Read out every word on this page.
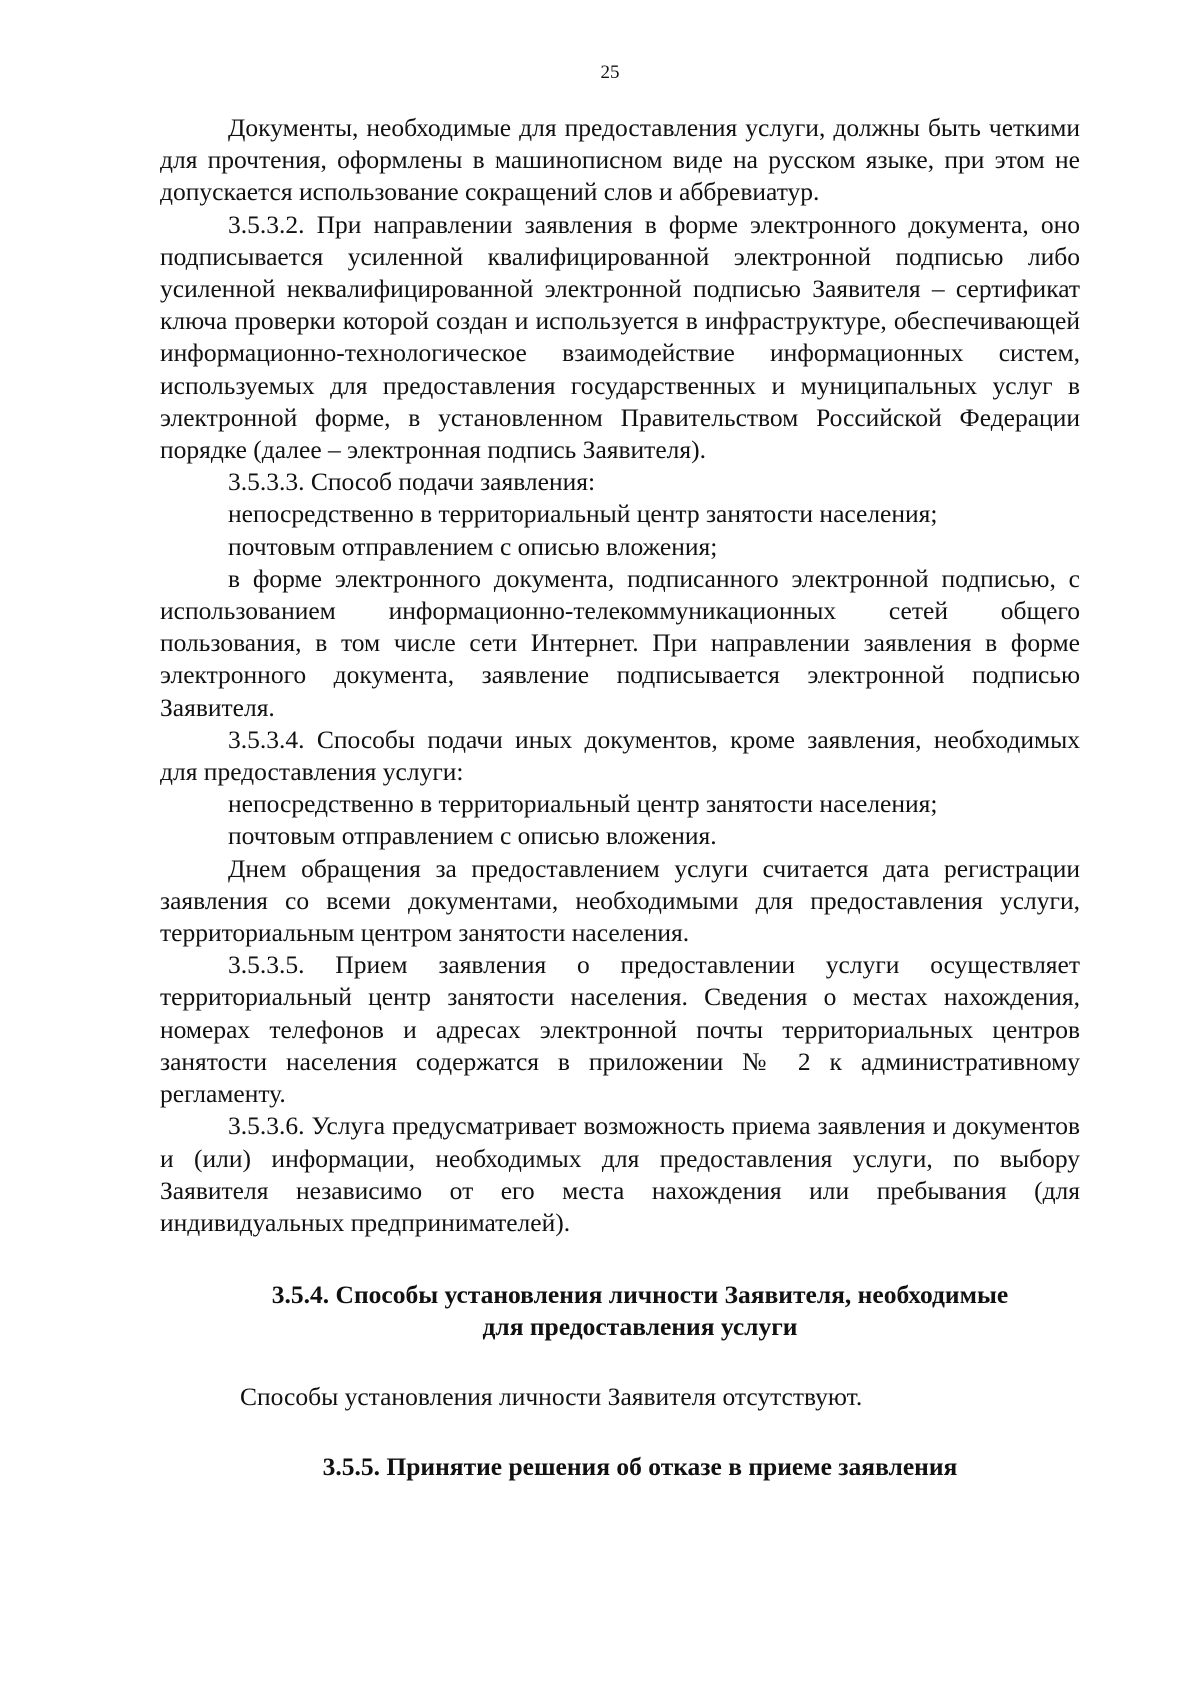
25

Документы, необходимые для предоставления услуги, должны быть четкими для прочтения, оформлены в машинописном виде на русском языке, при этом не допускается использование сокращений слов и аббревиатур.

3.5.3.2. При направлении заявления в форме электронного документа, оно подписывается усиленной квалифицированной электронной подписью либо усиленной неквалифицированной электронной подписью Заявителя – сертификат ключа проверки которой создан и используется в инфраструктуре, обеспечивающей информационно-технологическое взаимодействие информационных систем, используемых для предоставления государственных и муниципальных услуг в электронной форме, в установленном Правительством Российской Федерации порядке (далее – электронная подпись Заявителя).

3.5.3.3. Способ подачи заявления:

непосредственно в территориальный центр занятости населения;

почтовым отправлением с описью вложения;

в форме электронного документа, подписанного электронной подписью, с использованием информационно-телекоммуникационных сетей общего пользования, в том числе сети Интернет. При направлении заявления в форме электронного документа, заявление подписывается электронной подписью Заявителя.

3.5.3.4. Способы подачи иных документов, кроме заявления, необходимых для предоставления услуги:

непосредственно в территориальный центр занятости населения;

почтовым отправлением с описью вложения.

Днем обращения за предоставлением услуги считается дата регистрации заявления со всеми документами, необходимыми для предоставления услуги, территориальным центром занятости населения.

3.5.3.5. Прием заявления о предоставлении услуги осуществляет территориальный центр занятости населения. Сведения о местах нахождения, номерах телефонов и адресах электронной почты территориальных центров занятости населения содержатся в приложении № 2 к административному регламенту.

3.5.3.6. Услуга предусматривает возможность приема заявления и документов и (или) информации, необходимых для предоставления услуги, по выбору Заявителя независимо от его места нахождения или пребывания (для индивидуальных предпринимателей).

3.5.4. Способы установления личности Заявителя, необходимые
для предоставления услуги

Способы установления личности Заявителя отсутствуют.

3.5.5. Принятие решения об отказе в приеме заявления
